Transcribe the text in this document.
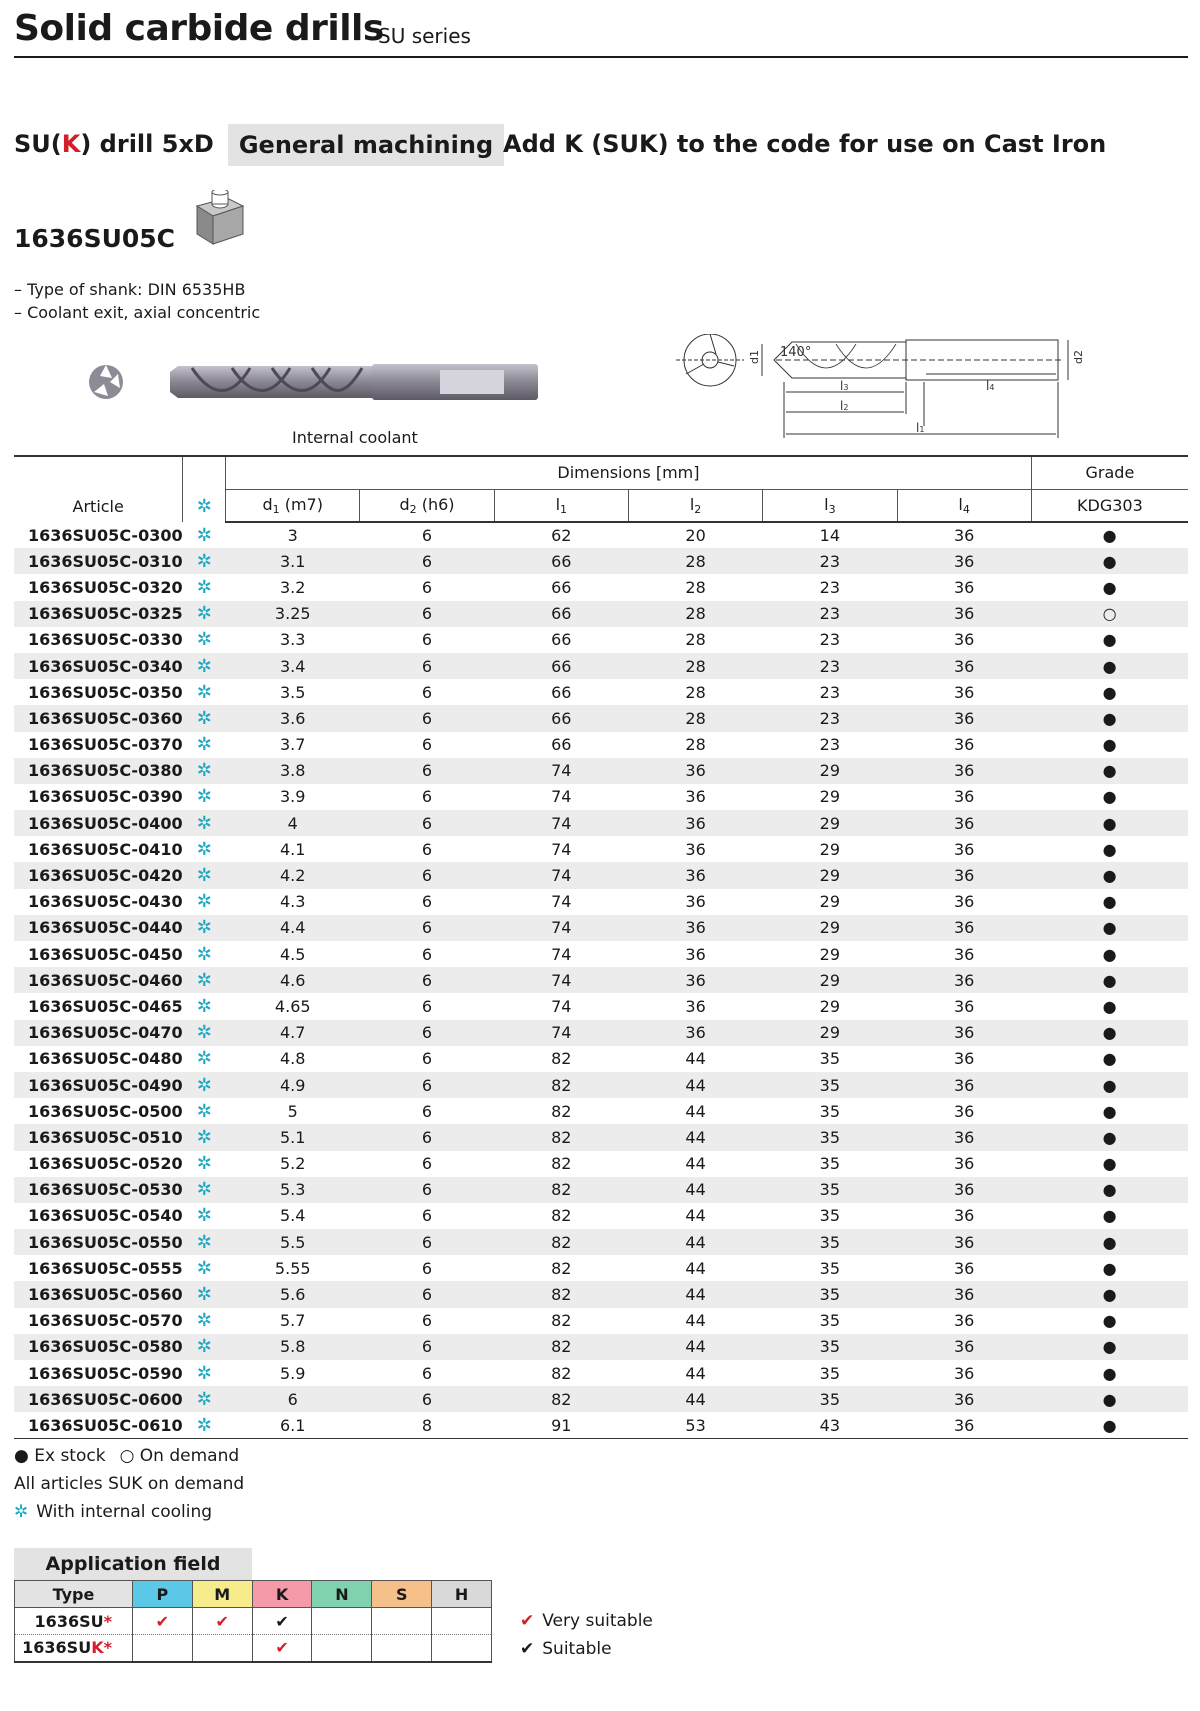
Solid carbide drills
SU series
SU(K) drill 5xD	General machining Add K (SUK) to the code for use on Cast Iron
1636SU05C
– Type of shank: DIN 6535HB
– Coolant exit, axial concentric
Internal coolant
140°
d1	d2
l3
l2
l1
l4
Article	✲	Dimensions [mm]						Grade
		$d_1$ (m7)	$d_2$ (h6)	$l_1$	$l_2$	$l_3$	$l_4$	KDG303
1636SU05C-0300	✲	3	6	62	20	14	36	●
1636SU05C-0310	✲	3.1	6	66	28	23	36	●
1636SU05C-0320	✲	3.2	6	66	28	23	36	●
1636SU05C-0325	✲	3.25	6	66	28	23	36	○
1636SU05C-0330	✲	3.3	6	66	28	23	36	●
1636SU05C-0340	✲	3.4	6	66	28	23	36	●
1636SU05C-0350	✲	3.5	6	66	28	23	36	●
1636SU05C-0360	✲	3.6	6	66	28	23	36	●
1636SU05C-0370	✲	3.7	6	66	28	23	36	●
1636SU05C-0380	✲	3.8	6	74	36	29	36	●
1636SU05C-0390	✲	3.9	6	74	36	29	36	●
1636SU05C-0400	✲	4	6	74	36	29	36	●
1636SU05C-0410	✲	4.1	6	74	36	29	36	●
1636SU05C-0420	✲	4.2	6	74	36	29	36	●
1636SU05C-0430	✲	4.3	6	74	36	29	36	●
1636SU05C-0440	✲	4.4	6	74	36	29	36	●
1636SU05C-0450	✲	4.5	6	74	36	29	36	●
1636SU05C-0460	✲	4.6	6	74	36	29	36	●
1636SU05C-0465	✲	4.65	6	74	36	29	36	●
1636SU05C-0470	✲	4.7	6	74	36	29	36	●
1636SU05C-0480	✲	4.8	6	82	44	35	36	●
1636SU05C-0490	✲	4.9	6	82	44	35	36	●
1636SU05C-0500	✲	5	6	82	44	35	36	●
1636SU05C-0510	✲	5.1	6	82	44	35	36	●
1636SU05C-0520	✲	5.2	6	82	44	35	36	●
1636SU05C-0530	✲	5.3	6	82	44	35	36	●
1636SU05C-0540	✲	5.4	6	82	44	35	36	●
1636SU05C-0550	✲	5.5	6	82	44	35	36	●
1636SU05C-0555	✲	5.55	6	82	44	35	36	●
1636SU05C-0560	✲	5.6	6	82	44	35	36	●
1636SU05C-0570	✲	5.7	6	82	44	35	36	●
1636SU05C-0580	✲	5.8	6	82	44	35	36	●
1636SU05C-0590	✲	5.9	6	82	44	35	36	●
1636SU05C-0600	✲	6	6	82	44	35	36	●
1636SU05C-0610	✲	6.1	8	91	53	43	36	●
● Ex stock ○ On demand
All articles SUK on demand
✲ With internal cooling
Application field
Type	P	M	K	N	S	H
1636SU*	✔	✔	✔			
1636SUK*			✔			
✔ Very suitable
✔ Suitable
